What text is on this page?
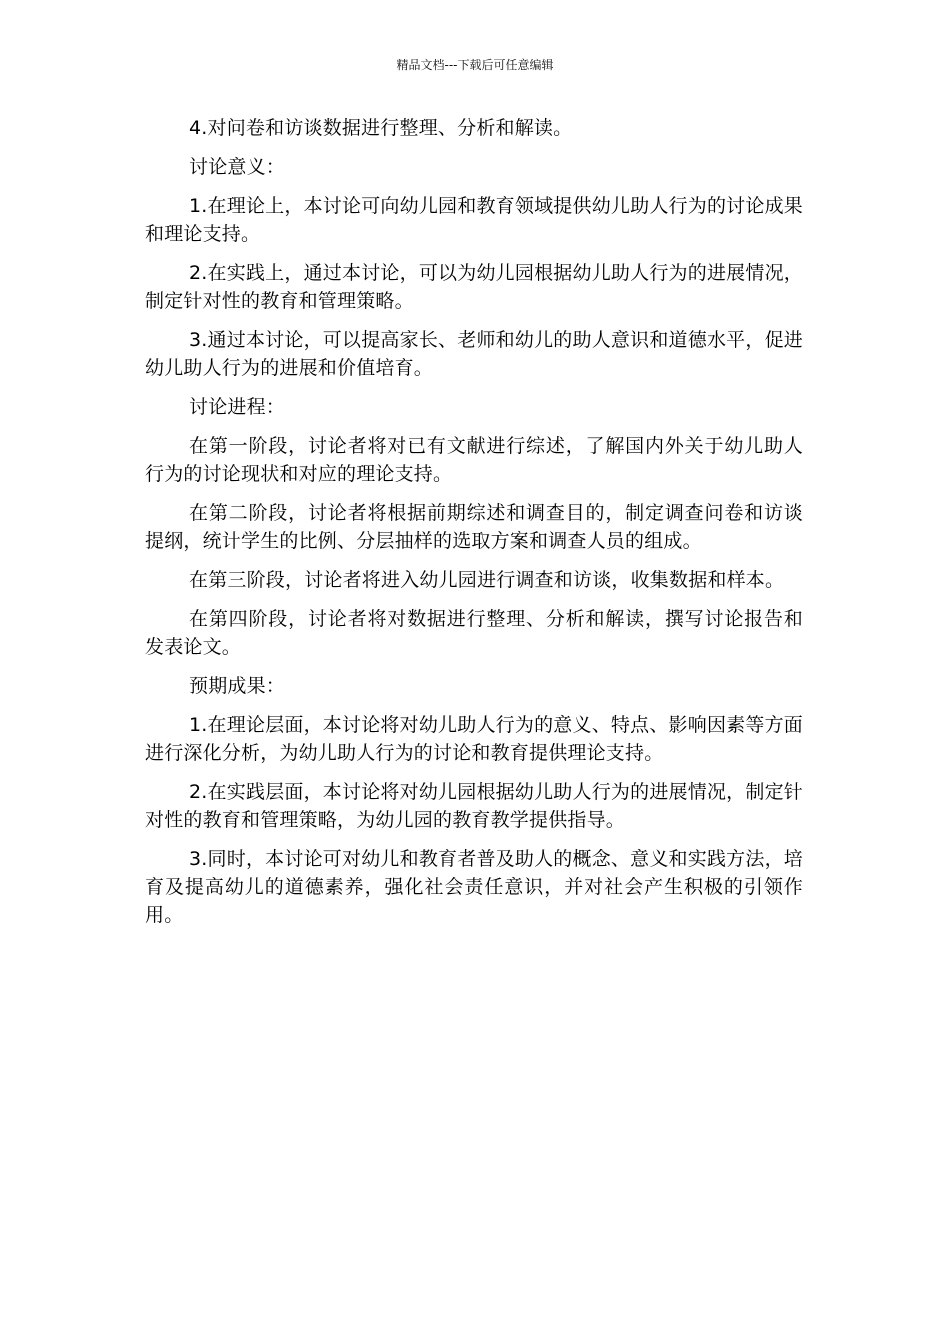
精品文档---下载后可任意编辑

4.对问卷和访谈数据进行整理、分析和解读。

讨论意义：

1.在理论上，本讨论可向幼儿园和教育领域提供幼儿助人行为的讨论成果和理论支持。

2.在实践上，通过本讨论，可以为幼儿园根据幼儿助人行为的进展情况，制定针对性的教育和管理策略。

3.通过本讨论，可以提高家长、老师和幼儿的助人意识和道德水平，促进幼儿助人行为的进展和价值培育。

讨论进程：

在第一阶段，讨论者将对已有文献进行综述，了解国内外关于幼儿助人行为的讨论现状和对应的理论支持。

在第二阶段，讨论者将根据前期综述和调查目的，制定调查问卷和访谈提纲，统计学生的比例、分层抽样的选取方案和调查人员的组成。

在第三阶段，讨论者将进入幼儿园进行调查和访谈，收集数据和样本。

在第四阶段，讨论者将对数据进行整理、分析和解读，撰写讨论报告和发表论文。

预期成果：

1.在理论层面，本讨论将对幼儿助人行为的意义、特点、影响因素等方面进行深化分析，为幼儿助人行为的讨论和教育提供理论支持。

2.在实践层面，本讨论将对幼儿园根据幼儿助人行为的进展情况，制定针对性的教育和管理策略，为幼儿园的教育教学提供指导。

3.同时，本讨论可对幼儿和教育者普及助人的概念、意义和实践方法，培育及提高幼儿的道德素养，强化社会责任意识，并对社会产生积极的引领作用。
